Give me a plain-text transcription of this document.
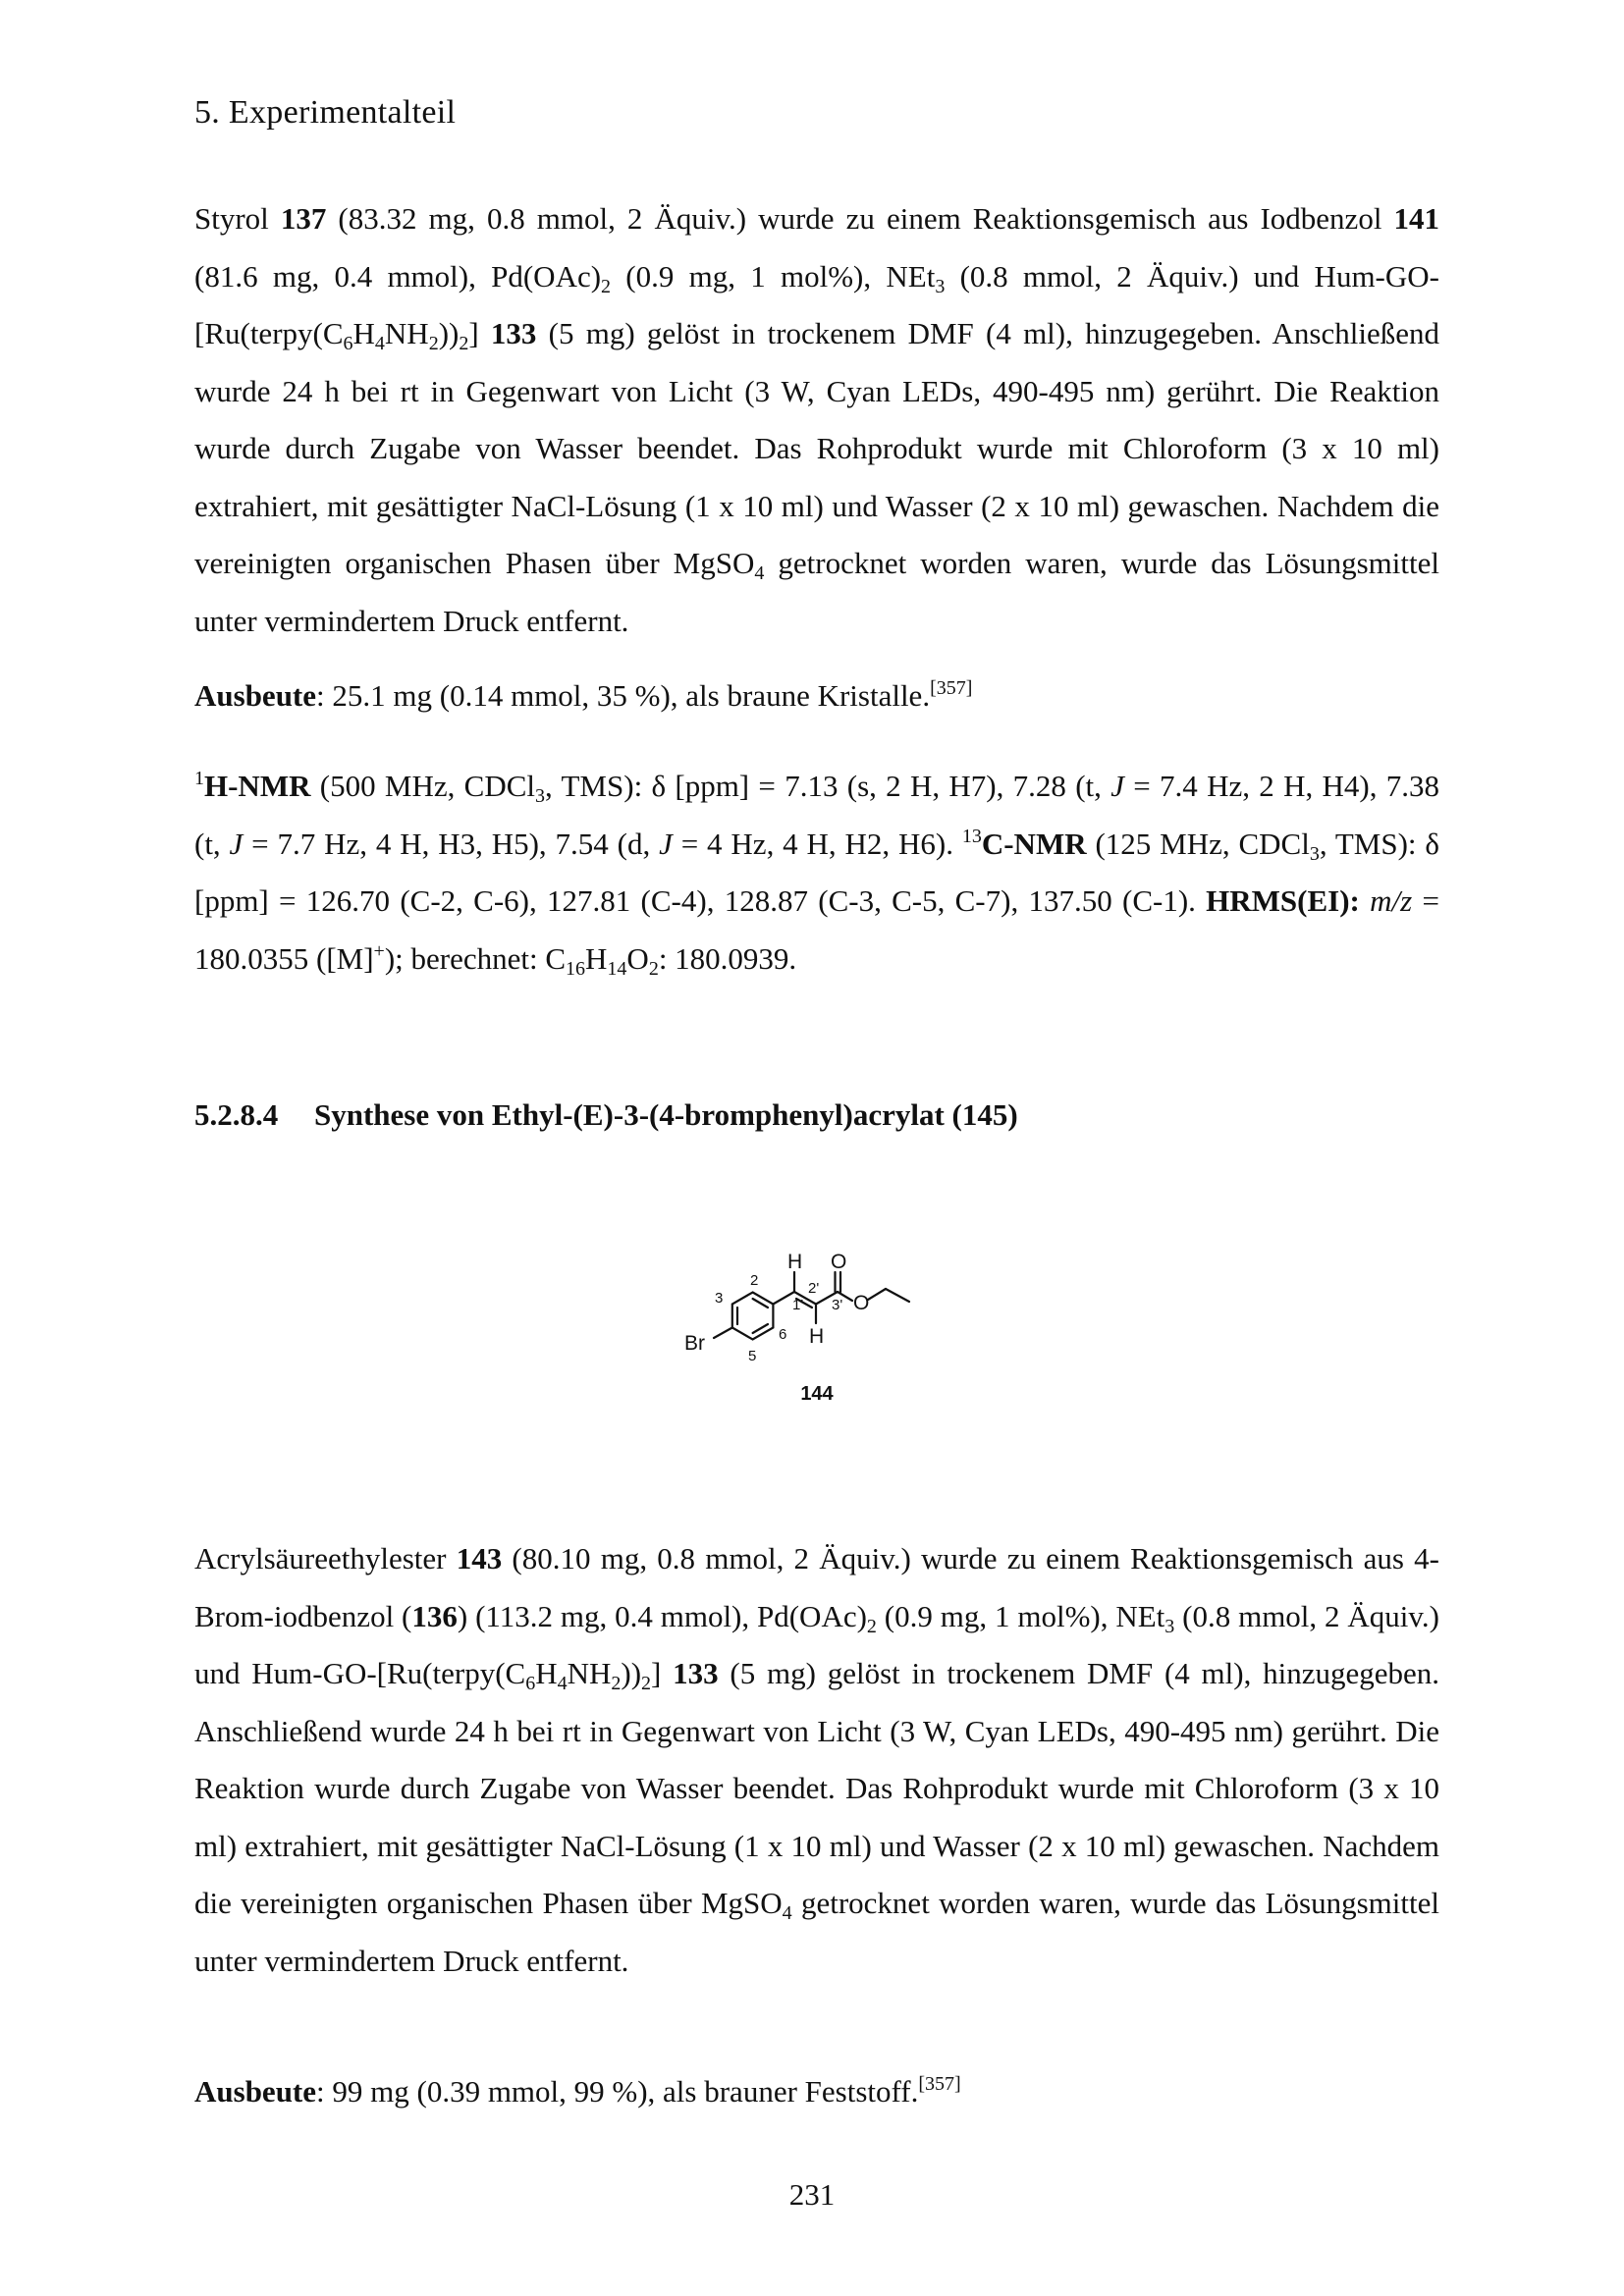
5. Experimentalteil
Styrol 137 (83.32 mg, 0.8 mmol, 2 Äquiv.) wurde zu einem Reaktionsgemisch aus Iodbenzol 141 (81.6 mg, 0.4 mmol), $Pd(OAc)_2$ (0.9 mg, 1 mol%), NEt$_3$ (0.8 mmol, 2 Äquiv.) und Hum-$GO-[Ru(terpy(C_6H_4NH_2))_2]$ 133 (5 mg) gelöst in trockenem DMF (4 ml), hinzugegeben. Anschließend wurde 24 h bei rt in Gegenwart von Licht (3 W, Cyan LEDs, 490-495 nm) gerührt. Die Reaktion wurde durch Zugabe von Wasser beendet. Das Rohprodukt wurde mit Chloroform (3 x 10 ml) extrahiert, mit gesättigter NaCl-Lösung (1 x 10 ml) und Wasser (2 x 10 ml) gewaschen. Nachdem die vereinigten organischen Phasen über MgSO$_4$ getrocknet worden waren, wurde das Lösungsmittel unter vermindertem Druck entfernt.
Ausbeute: 25.1 mg (0.14 mmol, 35 %), als braune Kristalle.[357]
$^1$H-NMR (500 MHz, CDCl$_3$, TMS): δ [ppm] = 7.13 (s, 2 H, H7), 7.28 (t, J = 7.4 Hz, 2 H, H4), 7.38 (t, J = 7.7 Hz, 4 H, H3, H5), 7.54 (d, J = 4 Hz, 4 H, H2, H6). $^{13}$C-NMR (125 MHz, CDCl$_3$, TMS): δ [ppm] = 126.70 (C-2, C-6), 127.81 (C-4), 128.87 (C-3, C-5, C-7), 137.50 (C-1). HRMS(EI): m/z = 180.0355 ([M]+); berechnet: $C_{16}H_{14}O_2$: 180.0939.
5.2.8.4 Synthese von Ethyl-(E)-3-(4-bromphenyl)acrylat (145)
H O
O
H
Br
2
3
5
6
1'
2'
3'
144
Acrylsäureethylester 143 (80.10 mg, 0.8 mmol, 2 Äquiv.) wurde zu einem Reaktionsgemisch aus 4-Brom-iodbenzol (136) (113.2 mg, 0.4 mmol), $Pd(OAc)_2$ (0.9 mg, 1 mol%), NEt$_3$ (0.8 mmol, 2 Äquiv.) und Hum-$GO-[Ru(terpy(C_6H_4NH_2))_2]$ 133 (5 mg) gelöst in trockenem DMF (4 ml), hinzugegeben. Anschließend wurde 24 h bei rt in Gegenwart von Licht (3 W, Cyan LEDs, 490-495 nm) gerührt. Die Reaktion wurde durch Zugabe von Wasser beendet. Das Rohprodukt wurde mit Chloroform (3 x 10 ml) extrahiert, mit gesättigter NaCl-Lösung (1 x 10 ml) und Wasser (2 x 10 ml) gewaschen. Nachdem die vereinigten organischen Phasen über MgSO$_4$ getrocknet worden waren, wurde das Lösungsmittel unter vermindertem Druck entfernt.
Ausbeute: 99 mg (0.39 mmol, 99 %), als brauner Feststoff.[357]
231
